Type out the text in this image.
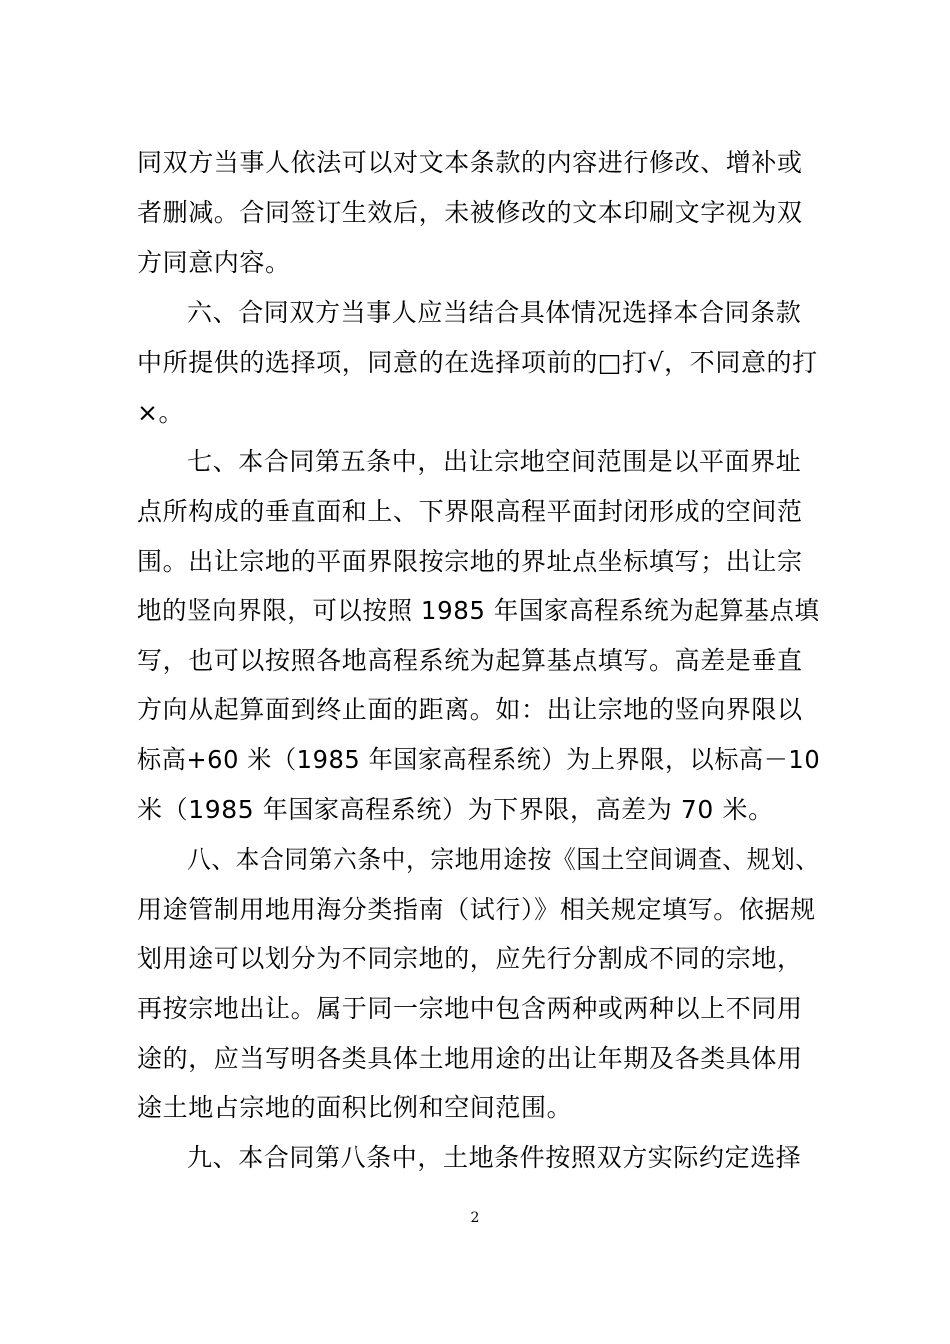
同双方当事人依法可以对文本条款的内容进行修改、增补或

者删减。合同签订生效后，未被修改的文本印刷文字视为双

方同意内容。

六、合同双方当事人应当结合具体情况选择本合同条款

中所提供的选择项，同意的在选择项前的□打√，不同意的打

×。

七、本合同第五条中，出让宗地空间范围是以平面界址

点所构成的垂直面和上、下界限高程平面封闭形成的空间范

围。出让宗地的平面界限按宗地的界址点坐标填写；出让宗

地的竖向界限，可以按照 1985 年国家高程系统为起算基点填

写，也可以按照各地高程系统为起算基点填写。高差是垂直

方向从起算面到终止面的距离。如：出让宗地的竖向界限以

标高+60 米（1985 年国家高程系统）为上界限，以标高－10

米（1985 年国家高程系统）为下界限，高差为 70 米。

八、本合同第六条中，宗地用途按《国土空间调查、规划、

用途管制用地用海分类指南（试行）》相关规定填写。依据规

划用途可以划分为不同宗地的，应先行分割成不同的宗地，

再按宗地出让。属于同一宗地中包含两种或两种以上不同用

途的，应当写明各类具体土地用途的出让年期及各类具体用

途土地占宗地的面积比例和空间范围。

九、本合同第八条中，土地条件按照双方实际约定选择

2
